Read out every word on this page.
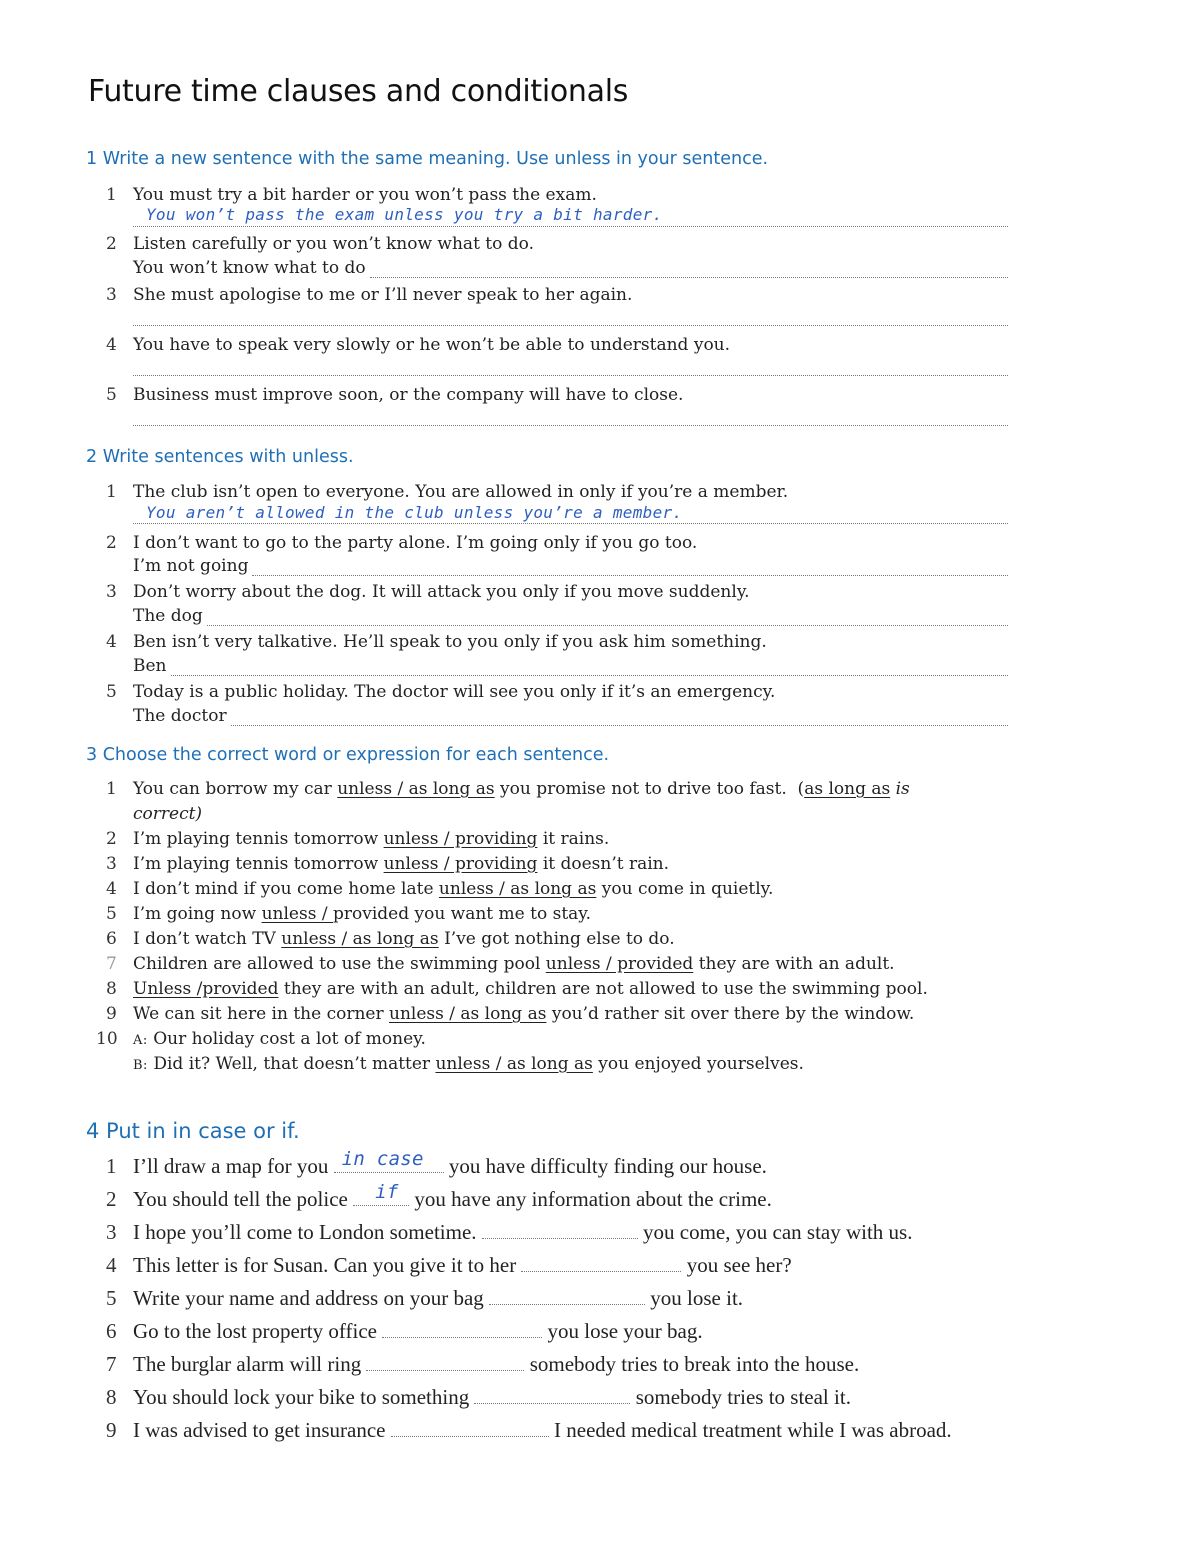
Future time clauses and conditionals
1 Write a new sentence with the same meaning. Use unless in your sentence.
1 You must try a bit harder or you won’t pass the exam.
You won’t pass the exam unless you try a bit harder.
2 Listen carefully or you won’t know what to do.
You won’t know what to do
3 She must apologise to me or I’ll never speak to her again.
4 You have to speak very slowly or he won’t be able to understand you.
5 Business must improve soon, or the company will have to close.
2 Write sentences with unless.
1 The club isn’t open to everyone. You are allowed in only if you’re a member.
You aren’t allowed in the club unless you’re a member.
2 I don’t want to go to the party alone. I’m going only if you go too.
I’m not going
3 Don’t worry about the dog. It will attack you only if you move suddenly.
The dog
4 Ben isn’t very talkative. He’ll speak to you only if you ask him something.
Ben
5 Today is a public holiday. The doctor will see you only if it’s an emergency.
The doctor
3 Choose the correct word or expression for each sentence.
1 You can borrow my car unless / as long as you promise not to drive too fast.  (as long as is
correct)
2 I’m playing tennis tomorrow unless / providing it rains.
3 I’m playing tennis tomorrow unless / providing it doesn’t rain.
4 I don’t mind if you come home late unless / as long as you come in quietly.
5 I’m going now unless / provided you want me to stay.
6 I don’t watch TV unless / as long as I’ve got nothing else to do.
7 Children are allowed to use the swimming pool unless / provided they are with an adult.
8 Unless /provided they are with an adult, children are not allowed to use the swimming pool.
9 We can sit here in the corner unless / as long as you’d rather sit over there by the window.
10 A: Our holiday cost a lot of money.
B: Did it? Well, that doesn’t matter unless / as long as you enjoyed yourselves.
4 Put in in case or if.
1 I’ll draw a map for you in case you have difficulty finding our house.
2 You should tell the police if you have any information about the crime.
3 I hope you’ll come to London sometime.	you come, you can stay with us.
4 This letter is for Susan. Can you give it to her	you see her?
5 Write your name and address on your bag	you lose it.
6 Go to the lost property office	you lose your bag.
7 The burglar alarm will ring	somebody tries to break into the house.
8 You should lock your bike to something	somebody tries to steal it.
9 I was advised to get insurance	I needed medical treatment while I was abroad.
